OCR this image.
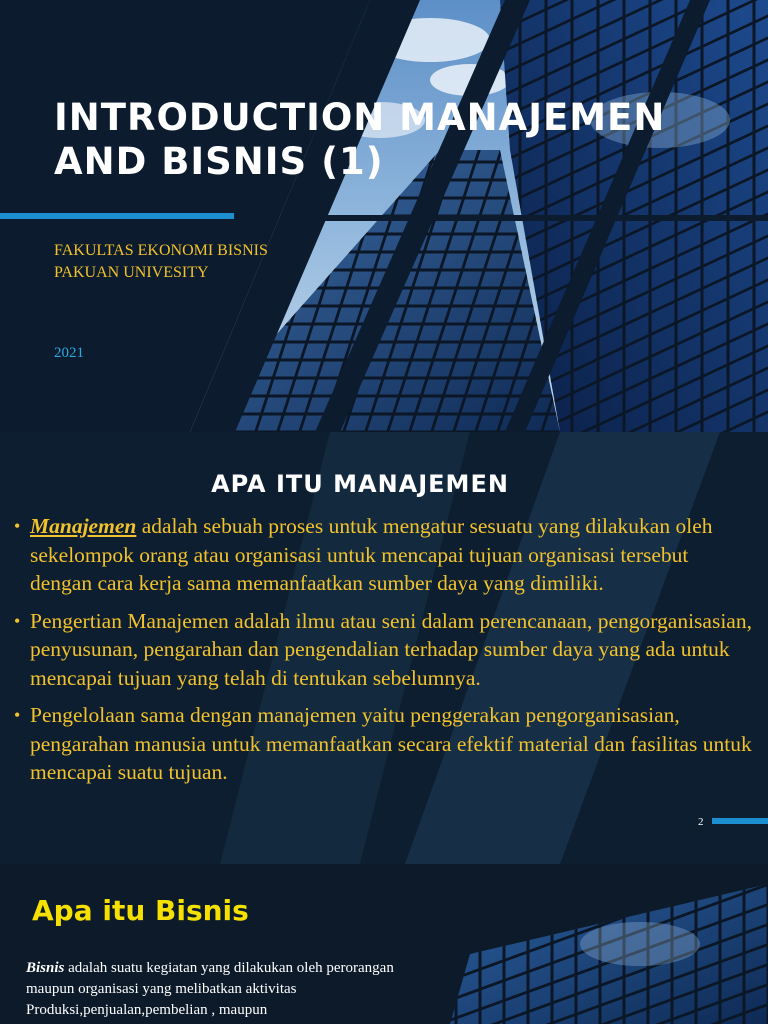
INTRODUCTION MANAJEMEN
AND BISNIS (1)
FAKULTAS EKONOMI BISNIS
PAKUAN UNIVESITY
2021
APA ITU MANAJEMEN
• Manajemen adalah sebuah proses untuk mengatur sesuatu yang dilakukan oleh sekelompok orang atau organisasi untuk mencapai tujuan organisasi tersebut dengan cara kerja sama memanfaatkan sumber daya yang dimiliki.
• Pengertian Manajemen adalah ilmu atau seni dalam perencanaan, pengorganisasian, penyusunan, pengarahan dan pengendalian terhadap sumber daya yang ada untuk mencapai tujuan yang telah di tentukan sebelumnya.
• Pengelolaan sama dengan manajemen yaitu penggerakan pengorganisasian, pengarahan manusia untuk memanfaatkan secara efektif material dan fasilitas untuk mencapai suatu tujuan.
2
Apa itu Bisnis
Bisnis adalah suatu kegiatan yang dilakukan oleh perorangan maupun organisasi yang melibatkan aktivitas Produksi,penjualan,pembelian , maupun
